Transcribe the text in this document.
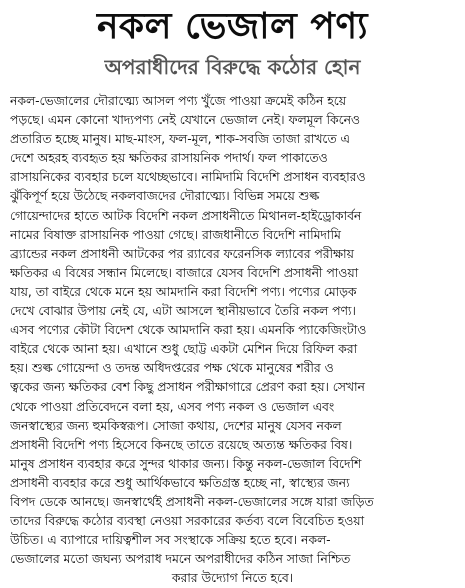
নকল ভেজাল পণ্য
অপরাধীদের বিরুদ্ধে কঠোর হোন
নকল-ভেজালের দৌরাত্ম্যে আসল পণ্য খুঁজে পাওয়া ক্রমেই কঠিন হয়ে
পড়ছে। এমন কোনো খাদ্যপণ্য নেই যেখানে ভেজাল নেই। ফলমূল কিনেও
প্রতারিত হচ্ছে মানুষ। মাছ-মাংস, ফল-মূল, শাক-সবজি তাজা রাখতে এ
দেশে অহরহ ব্যবহৃত হয় ক্ষতিকর রাসায়নিক পদার্থ। ফল পাকাতেও
রাসায়নিকের ব্যবহার চলে যথেচ্ছভাবে। নামিদামি বিদেশি প্রসাধন ব্যবহারও
ঝুঁকিপূর্ণ হয়ে উঠেছে নকলবাজদের দৌরাত্ম্যে। বিভিন্ন সময়ে শুল্ক
গোয়েন্দাদের হাতে আটক বিদেশি নকল প্রসাধনীতে মিথানল-হাইড্রোকার্বন
নামের বিষাক্ত রাসায়নিক পাওয়া গেছে। রাজধানীতে বিদেশি নামিদামি
ব্র্যান্ডের নকল প্রসাধনী আটকের পর র‍্যাবের ফরেনসিক ল্যাবের পরীক্ষায়
ক্ষতিকর এ বিষের সন্ধান মিলেছে। বাজারে যেসব বিদেশি প্রসাধনী পাওয়া
যায়, তা বাইরে থেকে মনে হয় আমদানি করা বিদেশি পণ্য। পণ্যের মোড়ক
দেখে বোঝার উপায় নেই যে, এটা আসলে স্থানীয়ভাবে তৈরি নকল পণ্য।
এসব পণ্যের কৌটা বিদেশ থেকে আমদানি করা হয়। এমনকি প্যাকেজিংটাও
বাইরে থেকে আনা হয়। এখানে শুধু ছোট্ট একটা মেশিন দিয়ে রিফিল করা
হয়। শুল্ক গোয়েন্দা ও তদন্ত অধিদপ্তরের পক্ষ থেকে মানুষের শরীর ও
ত্বকের জন্য ক্ষতিকর বেশ কিছু প্রসাধন পরীক্ষাগারে প্রেরণ করা হয়। সেখান
থেকে পাওয়া প্রতিবেদনে বলা হয়, এসব পণ্য নকল ও ভেজাল এবং
জনস্বাস্থ্যের জন্য হুমকিস্বরূপ। সোজা কথায়, দেশের মানুষ যেসব নকল
প্রসাধনী বিদেশি পণ্য হিসেবে কিনছে তাতে রয়েছে অত্যন্ত ক্ষতিকর বিষ।
মানুষ প্রসাধন ব্যবহার করে সুন্দর থাকার জন্য। কিন্তু নকল-ভেজাল বিদেশি
প্রসাধনী ব্যবহার করে শুধু আর্থিকভাবে ক্ষতিগ্রস্ত হচ্ছে না, স্বাস্থ্যের জন্য
বিপদ ডেকে আনছে। জনস্বার্থেই প্রসাধনী নকল-ভেজালের সঙ্গে যারা জড়িত
তাদের বিরুদ্ধে কঠোর ব্যবস্থা নেওয়া সরকারের কর্তব্য বলে বিবেচিত হওয়া
উচিত। এ ব্যাপারে দায়িত্বশীল সব সংস্থাকে সক্রিয় হতে হবে। নকল-
ভেজালের মতো জঘন্য অপরাধ দমনে অপরাধীদের কঠিন সাজা নিশ্চিত
করার উদ্যোগ নিতে হবে।
